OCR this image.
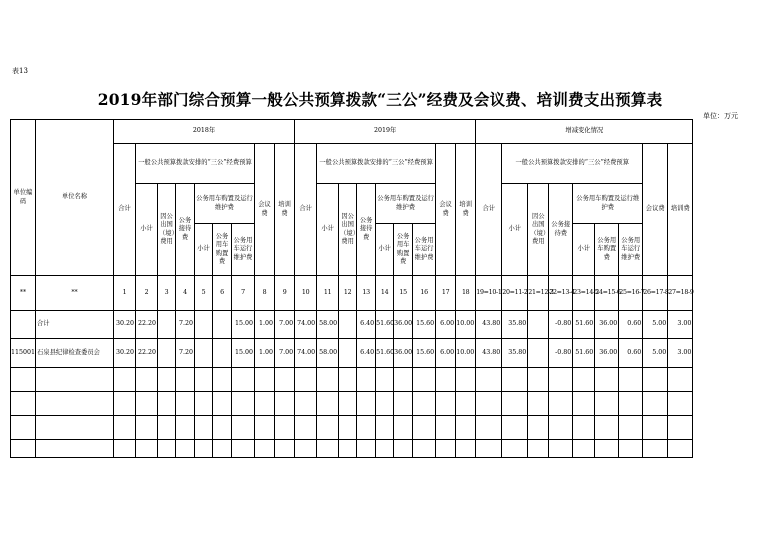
表13
2019年部门综合预算一般公共预算拨款“三公”经费及会议费、培训费支出预算表
单位：万元
单位编码	单位名称	2018年									2019年									增减变化情况								
		合计	一般公共预算拨款安排的“三公”经费预算						会议费	培训费	合计	一般公共预算拨款安排的“三公”经费预算						会议费	培训费	合计	一般公共预算拨款安排的“三公”经费预算						会议费	培训费
			小计	因公出国（境）费用	公务接待费	公务用车购置及运行维护费						小计	因公出国（境）费用	公务接待费	公务用车购置及运行维护费						小计	因公出国（境）费用	公务接待费	公务用车购置及运行维护费				
						小计	公务用车购置费	公务用车运行维护费							小计	公务用车购置费	公务用车运行维护费							小计	公务用车购置费	公务用车运行维护费		
**	**	1	2	3	4	5	6	7	8	9	10	11	12	13	14	15	16	17	18	19=10-1	20=11-2	21=12-3	22=13-4	23=14-5	24=15-6	25=16-7	26=17-8	27=18-9
	合计	30.20	22.20		7.20			15.00	1.00	7.00	74.00	58.00		6.40	51.60	36.00	15.60	6.00	10.00	43.80	35.80		-0.80	51.60	36.00	0.60	5.00	3.00
115001	石泉县纪律检查委员会	30.20	22.20		7.20			15.00	1.00	7.00	74.00	58.00		6.40	51.60	36.00	15.60	6.00	10.00	43.80	35.80		-0.80	51.60	36.00	0.60	5.00	3.00
